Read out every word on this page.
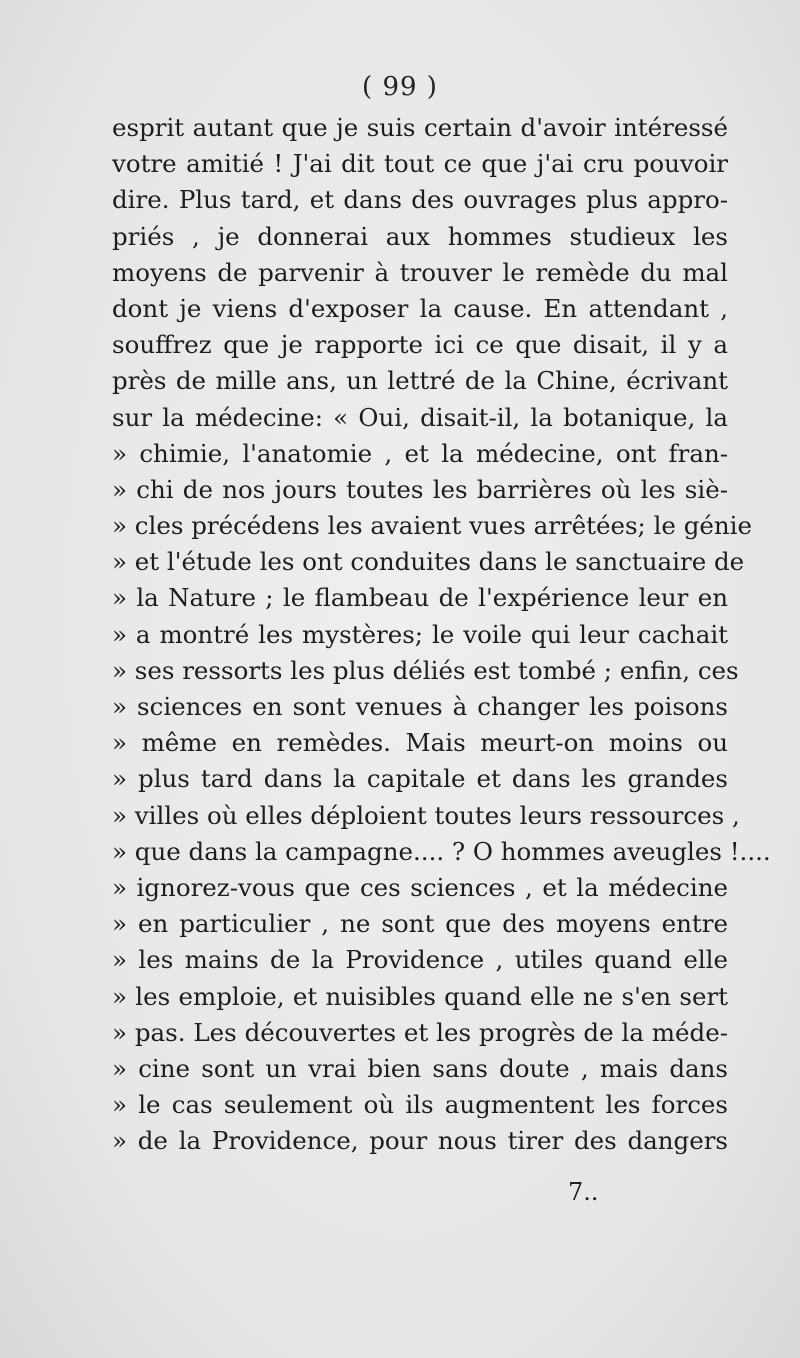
( 99 )
esprit autant que je suis certain d'avoir intéressé
votre amitié ! J'ai dit tout ce que j'ai cru pouvoir
dire. Plus tard, et dans des ouvrages plus appro-
priés , je donnerai aux hommes studieux les
moyens de parvenir à trouver le remède du mal
dont je viens d'exposer la cause. En attendant ,
souffrez que je rapporte ici ce que disait, il y a
près de mille ans, un lettré de la Chine, écrivant
sur la médecine: « Oui, disait-il, la botanique, la
» chimie, l'anatomie , et la médecine, ont fran-
» chi de nos jours toutes les barrières où les siè-
» cles précédens les avaient vues arrêtées; le génie
» et l'étude les ont conduites dans le sanctuaire de
» la Nature ; le flambeau de l'expérience leur en
» a montré les mystères; le voile qui leur cachait
» ses ressorts les plus déliés est tombé ; enfin, ces
» sciences en sont venues à changer les poisons
» même en remèdes. Mais meurt-on moins ou
» plus tard dans la capitale et dans les grandes
» villes où elles déploient toutes leurs ressources ,
» que dans la campagne.... ? O hommes aveugles !....
» ignorez-vous que ces sciences , et la médecine
» en particulier , ne sont que des moyens entre
» les mains de la Providence , utiles quand elle
» les emploie, et nuisibles quand elle ne s'en sert
» pas. Les découvertes et les progrès de la méde-
» cine sont un vrai bien sans doute , mais dans
» le cas seulement où ils augmentent les forces
» de la Providence, pour nous tirer des dangers
7..
